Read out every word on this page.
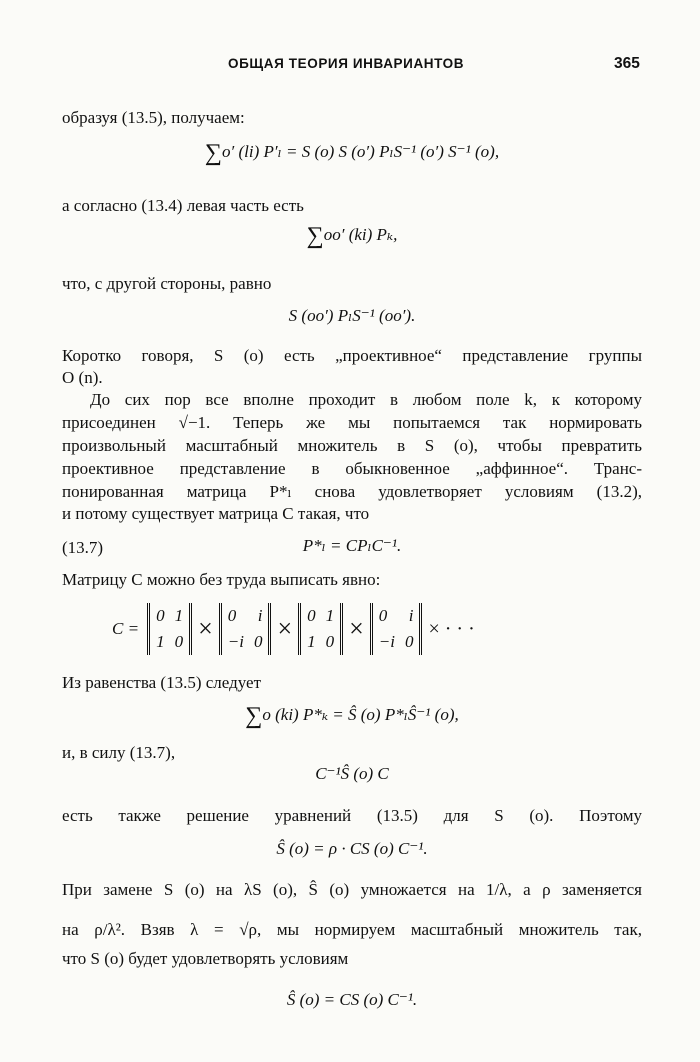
ОБЩАЯ ТЕОРИЯ ИНВАРИАНТОВ	365
образуя (13.5), получаем:
∑o′ (li) P′ₗ = S (o) S (o′) PₗS⁻¹ (o′) S⁻¹ (o),
а согласно (13.4) левая часть есть
∑oo′ (ki) Pₖ,
что, с другой стороны, равно
S (oo′) PₗS⁻¹ (oo′).
Коротко говоря, S (o) есть „проективное“ представление группы
O (n).
До сих пор все вполне проходит в любом поле k, к которому
присоединен √−1. Теперь же мы попытаемся так нормировать
произвольный масштабный множитель в S (o), чтобы превратить
проективное представление в обыкновенное „аффинное“. Транс-
понированная матрица P*ₗ снова удовлетворяет условиям (13.2),
и потому существует матрица C такая, что
(13.7)	P*ₗ = CPₗC⁻¹.
Матрицу C можно без труда выписать явно:
C =
0 1
1 0 × 0 i
−i 0 × 0 1
1 0 × 0 i
−i 0
× · · ·
Из равенства (13.5) следует
∑o (ki) P*ₖ = Ŝ (o) P*ₗŜ⁻¹ (o),
и, в силу (13.7),
C⁻¹Ŝ (o) C
есть также решение уравнений (13.5) для S (o). Поэтому
Ŝ (o) = ρ · CS (o) C⁻¹.
При замене S (o) на λS (o), Ŝ (o) умножается на 1/λ, а ρ заменяется
на ρ/λ². Взяв λ = √ρ, мы нормируем масштабный множитель так,
что S (o) будет удовлетворять условиям
Ŝ (o) = CS (o) C⁻¹.
